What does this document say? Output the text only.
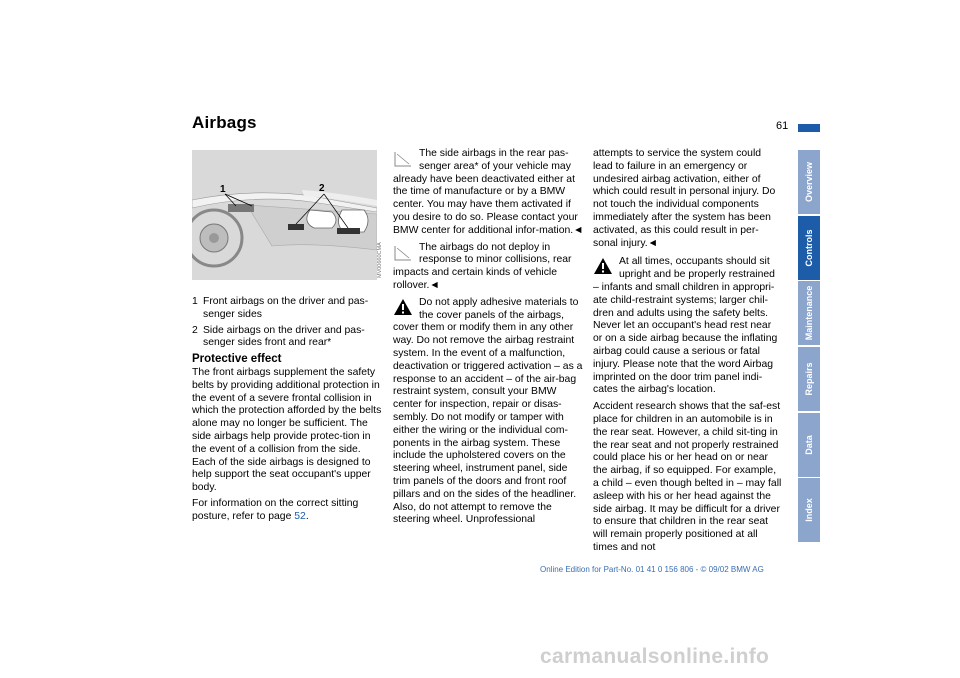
Airbags	61
Overview
Controls
Maintenance
Repairs
Data
Index
1	2
MV00660CMA
1 Front airbags on the driver and pas-senger sides
2 Side airbags on the driver and pas-senger sides front and rear*
Protective effect

The front airbags supplement the safety belts by providing additional protection in the event of a severe frontal collision in which the protection afforded by the belts alone may no longer be sufficient. The side airbags help provide protec-tion in the event of a collision from the side. Each of the side airbags is designed to help support the seat occupant's upper body.

For information on the correct sitting posture, refer to page 52.

The side airbags in the rear pas-senger area* of your vehicle may already have been deactivated either at the time of manufacture or by a BMW center. You may have them activated if you desire to do so. Please contact your BMW center for additional infor-mation.◄
The airbags do not deploy in response to minor collisions, rear impacts and certain kinds of vehicle rollover.◄
Do not apply adhesive materials to the cover panels of the airbags, cover them or modify them in any other way. Do not remove the airbag restraint system. In the event of a malfunction, deactivation or triggered activation – as a response to an accident – of the air-bag restraint system, consult your BMW center for inspection, repair or disas-sembly. Do not modify or tamper with either the wiring or the individual com-ponents in the airbag system. These include the upholstered covers on the steering wheel, instrument panel, side trim panels of the doors and front roof pillars and on the sides of the headliner. Also, do not attempt to remove the steering wheel. Unprofessional

attempts to service the system could lead to failure in an emergency or undesired airbag activation, either of which could result in personal injury. Do not touch the individual components immediately after the system has been activated, as this could result in per-sonal injury.◄

At all times, occupants should sit upright and be properly restrained – infants and small children in appropri-ate child-restraint systems; larger chil-dren and adults using the safety belts. Never let an occupant's head rest near or on a side airbag because the inflating airbag could cause a serious or fatal injury. Please note that the word Airbag imprinted on the door trim panel indi-cates the airbag's location.

Accident research shows that the saf-est place for children in an automobile is in the rear seat. However, a child sit-ting in the rear seat and not properly restrained could place his or her head on or near the airbag, if so equipped. For example, a child – even though belted in – may fall asleep with his or her head against the side airbag. It may be difficult for a driver to ensure that children in the rear seat will remain properly positioned at all times and not

Online Edition for Part-No. 01 41 0 156 806 - © 09/02 BMW AG
carmanualsonline.info
